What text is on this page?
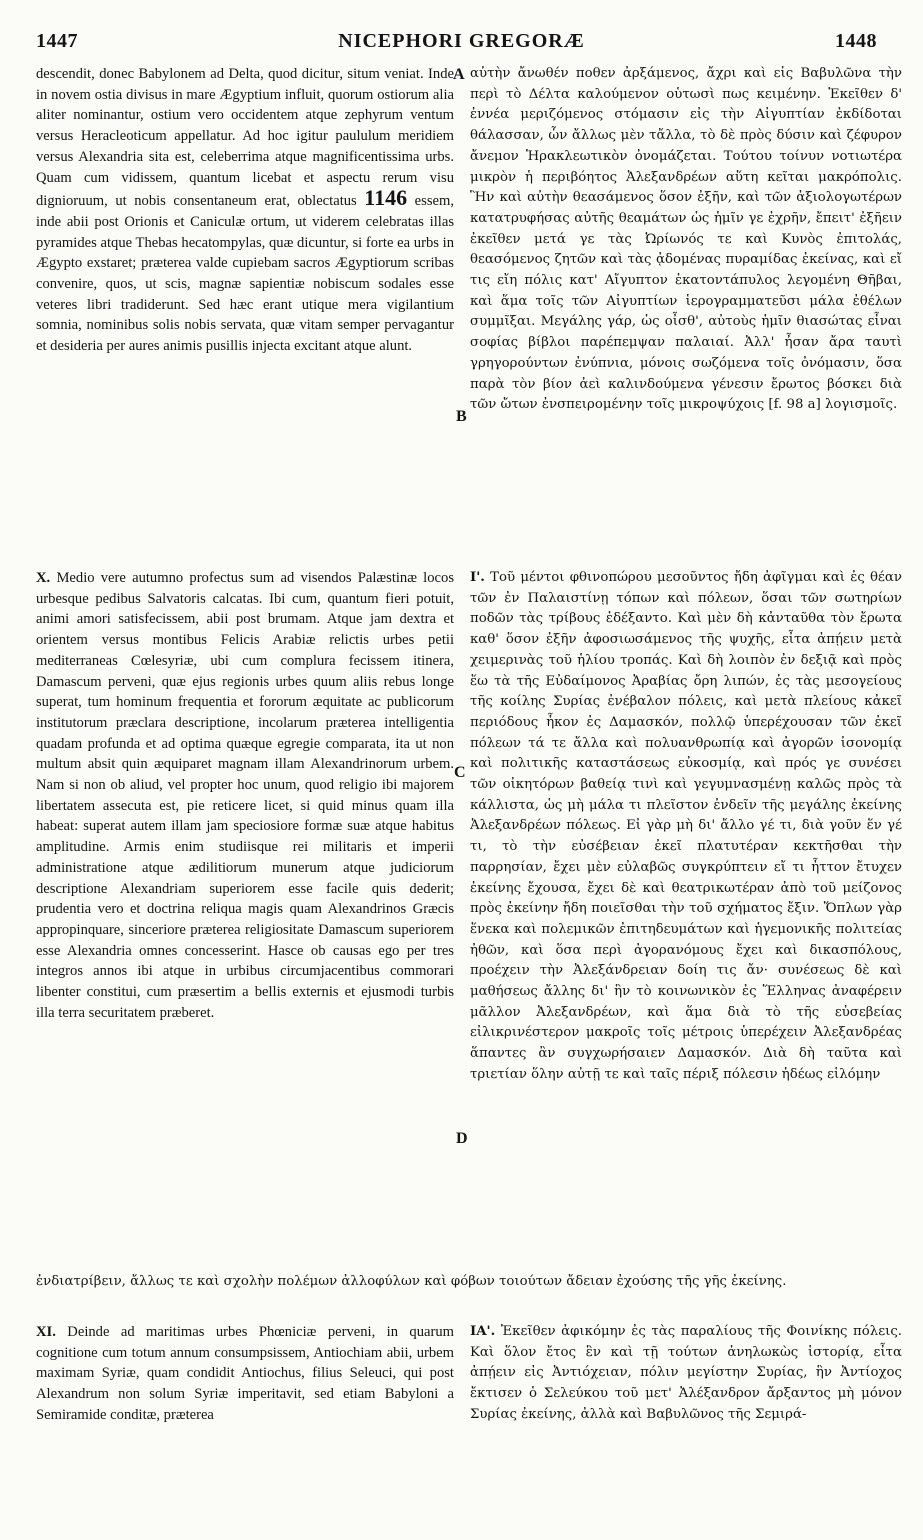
1447	NICEPHORI GREGORÆ	1448
A
B
C
D

descendit, donec Babylonem ad Delta, quod dicitur, situm veniat. Inde in novem ostia divisus in mare Ægyptium influit, quorum ostiorum alia aliter nominantur, ostium vero occidentem atque zephyrum ventum versus Heracleoticum appellatur. Ad hoc igitur paululum meridiem versus Alexandria sita est, celeberrima atque magnificentissima urbs. Quam cum vidissem, quantum licebat et aspectu rerum visu dignioruum, ut nobis consentaneum erat, oblectatus 1146 essem, inde abii post Orionis et Caniculæ ortum, ut viderem celebratas illas pyramides atque Thebas hecatompylas, quæ dicuntur, si forte ea urbs in Ægypto exstaret; præterea valde cupiebam sacros Ægyptiorum scribas convenire, quos, ut scis, magnæ sapientiæ nobiscum sodales esse veteres libri tradiderunt. Sed hæc erant utique mera vigilantium somnia, nominibus solis nobis servata, quæ vitam semper pervagantur et desideria per aures animis pusillis injecta excitant atque alunt.

αὐτὴν ἄνωθέν ποθεν ἀρξάμενος, ἄχρι καὶ εἰς Βαβυλῶνα τὴν περὶ τὸ Δέλτα καλούμενον οὑτωσὶ πως κειμένην. Ἐκεῖθεν δ' ἐννέα μεριζόμενος στόμασιν εἰς τὴν Αἰγυπτίαν ἐκδίδοται θάλασσαν, ὧν ἄλλως μὲν τἄλλα, τὸ δὲ πρὸς δύσιν καὶ ζέφυρον ἄνεμον Ἡρακλεωτικὸν ὀνομάζεται. Τούτου τοίνυν νοτιωτέρα μικρὸν ἡ περιβόητος Ἀλεξανδρέων αὕτη κεῖται μακρόπολις. Ἣν καὶ αὐτὴν θεασάμενος ὅσον ἐξῆν, καὶ τῶν ἀξιολογωτέρων κατατρυφήσας αὐτῆς θεαμάτων ὡς ἡμῖν γε ἐχρῆν, ἔπειτ' ἐξῆειν ἐκεῖθεν μετά γε τὰς Ὠρίωνός τε καὶ Κυνὸς ἐπιτολάς, θεασόμενος ζητῶν καὶ τὰς ᾀδομένας πυραμίδας ἐκείνας, καὶ εἴ τις εἴη πόλις κατ' Αἴγυπτον ἑκατοντάπυλος λεγομένη Θῆβαι, καὶ ἅμα τοῖς τῶν Αἰγυπτίων ἱερογραμματεῦσι μάλα ἐθέλων συμμῖξαι. Μεγάλης γάρ, ὡς οἶσθ', αὐτοὺς ἡμῖν θιασώτας εἶναι σοφίας βίβλοι παρέπεμψαν παλαιαί. Ἀλλ' ἦσαν ἄρα ταυτὶ γρηγορούντων ἐνύπνια, μόνοις σωζόμενα τοῖς ὀνόμασιν, ὅσα παρὰ τὸν βίον ἀεὶ καλινδούμενα γένεσιν ἔρωτος βόσκει διὰ τῶν ὤτων ἐνσπειρομένην τοῖς μικροψύχοις [f. 98 a] λογισμοῖς.

X. Medio vere autumno profectus sum ad visendos Palæstinæ locos urbesque pedibus Salvatoris calcatas. Ibi cum, quantum fieri potuit, animi amori satisfecissem, abii post brumam. Atque jam dextra et orientem versus montibus Felicis Arabiæ relictis urbes petii mediterraneas Cœlesyriæ, ubi cum complura fecissem itinera, Damascum perveni, quæ ejus regionis urbes quum aliis rebus longe superat, tum hominum frequentia et fororum æquitate ac publicorum institutorum præclara descriptione, incolarum præterea intelligentia quadam profunda et ad optima quæque egregie comparata, ita ut non multum absit quin æquiparet magnam illam Alexandrinorum urbem. Nam si non ob aliud, vel propter hoc unum, quod religio ibi majorem libertatem assecuta est, pie reticere licet, si quid minus quam illa habeat: superat autem illam jam speciosiore formæ suæ atque habitus amplitudine. Armis enim studiisque rei militaris et imperii administratione atque ædilitiorum munerum atque judiciorum descriptione Alexandriam superiorem esse facile quis dederit; prudentia vero et doctrina reliqua magis quam Alexandrinos Græcis appropinquare, sinceriore præterea religiositate Damascum superiorem esse Alexandria omnes concesserint. Hasce ob causas ego per tres integros annos ibi atque in urbibus circumjacentibus commorari libenter constitui, cum præsertim a bellis externis et ejusmodi turbis illa terra securitatem præberet.

Ι'. Τοῦ μέντοι φθινοπώρου μεσοῦντος ἤδη ἀφῖγμαι καὶ ἐς θέαν τῶν ἐν Παλαιστίνῃ τόπων καὶ πόλεων, ὅσαι τῶν σωτηρίων ποδῶν τὰς τρίβους ἐδέξαντο. Καὶ μὲν δὴ κἀνταῦθα τὸν ἔρωτα καθ' ὅσον ἐξῆν ἀφοσιωσάμενος τῆς ψυχῆς, εἶτα ἀπῄειν μετὰ χειμερινὰς τοῦ ἡλίου τροπάς. Καὶ δὴ λοιπὸν ἐν δεξιᾷ καὶ πρὸς ἕω τὰ τῆς Εὐδαίμονος Ἀραβίας ὄρη λιπών, ἐς τὰς μεσογείους τῆς κοίλης Συρίας ἐνέβαλον πόλεις, καὶ μετὰ πλείους κἀκεῖ περιόδους ἧκον ἐς Δαμασκόν, πολλῷ ὑπερέχουσαν τῶν ἐκεῖ πόλεων τά τε ἄλλα καὶ πολυανθρωπίᾳ καὶ ἀγορῶν ἰσονομίᾳ καὶ πολιτικῆς καταστάσεως εὐκοσμίᾳ, καὶ πρός γε συνέσει τῶν οἰκητόρων βαθείᾳ τινὶ καὶ γεγυμνασμένῃ καλῶς πρὸς τὰ κάλλιστα, ὡς μὴ μάλα τι πλεῖστον ἐνδεῖν τῆς μεγάλης ἐκείνης Ἀλεξανδρέων πόλεως. Εἰ γὰρ μὴ δι' ἄλλο γέ τι, διὰ γοῦν ἕν γέ τι, τὸ τὴν εὐσέβειαν ἐκεῖ πλατυτέραν κεκτῆσθαι τὴν παρρησίαν, ἔχει μὲν εὐλαβῶς συγκρύπτειν εἴ τι ἧττον ἔτυχεν ἐκείνης ἔχουσα, ἔχει δὲ καὶ θεατρικωτέραν ἀπὸ τοῦ μείζονος πρὸς ἐκείνην ἤδη ποιεῖσθαι τὴν τοῦ σχήματος ἔξιν. Ὅπλων γὰρ ἕνεκα καὶ πολεμικῶν ἐπιτηδευμάτων καὶ ἡγεμονικῆς πολιτείας ἠθῶν, καὶ ὅσα περὶ ἀγορανόμους ἔχει καὶ δικασπόλους, προέχειν τὴν Ἀλεξάνδρειαν δοίη τις ἄν· συνέσεως δὲ καὶ μαθήσεως ἄλλης δι' ἣν τὸ κοινωνικὸν ἐς Ἕλληνας ἀναφέρειν μᾶλλον Ἀλεξανδρέων, καὶ ἅμα διὰ τὸ τῆς εὐσεβείας εἰλικρινέστερον μακροῖς τοῖς μέτροις ὑπερέχειν Ἀλεξανδρέας ἅπαντες ἂν συγχωρήσαιεν Δαμασκόν. Διὰ δὴ ταῦτα καὶ τριετίαν ὅλην αὐτῇ τε καὶ ταῖς πέριξ πόλεσιν ἡδέως εἱλόμην

ἐνδιατρίβειν, ἄλλως τε καὶ σχολὴν πολέμων ἀλλοφύλων καὶ φόβων τοιούτων ἄδειαν ἐχούσης τῆς γῆς ἐκείνης.

XI. Deinde ad maritimas urbes Phœniciæ perveni, in quarum cognitione cum totum annum consumpsissem, Antiochiam abii, urbem maximam Syriæ, quam condidit Antiochus, filius Seleuci, qui post Alexandrum non solum Syriæ imperitavit, sed etiam Babyloni a Semiramide conditæ, præterea

ΙΑ'. Ἐκεῖθεν ἀφικόμην ἐς τὰς παραλίους τῆς Φοινίκης πόλεις. Καὶ ὅλον ἔτος ἓν καὶ τῇ τούτων ἀνηλωκὼς ἱστορίᾳ, εἶτα ἀπῄειν εἰς Ἀντιόχειαν, πόλιν μεγίστην Συρίας, ἣν Ἀντίοχος ἔκτισεν ὁ Σελεύκου τοῦ μετ' Ἀλέξανδρον ἄρξαντος μὴ μόνον Συρίας ἐκείνης, ἀλλὰ καὶ Βαβυλῶνος τῆς Σεμιρά-
